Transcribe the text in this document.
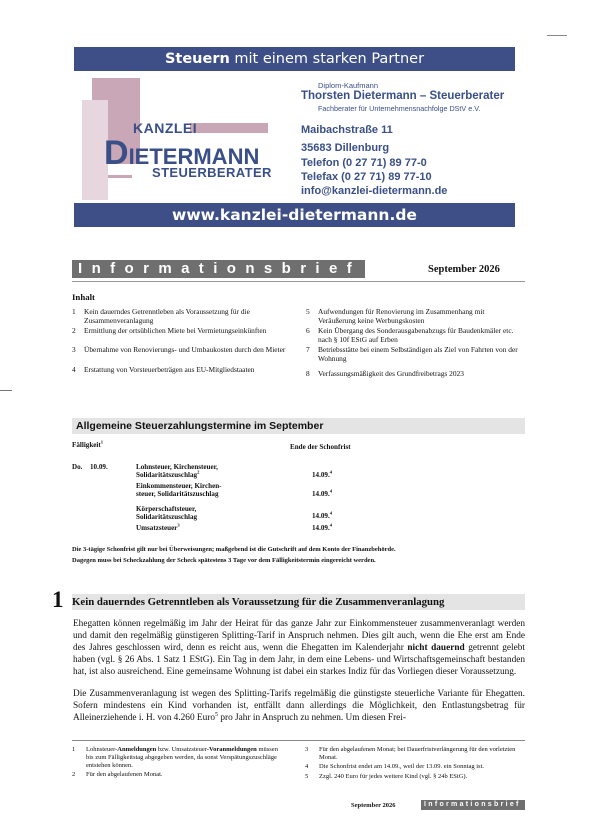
Steuern mit einem starken Partner
KANZLEI
DIETERMANN
STEUERBERATER
Diplom-Kaufmann
Thorsten Dietermann – Steuerberater
Fachberater für Unternehmensnachfolge DStV e.V.
Maibachstraße 11
35683 Dillenburg
Telefon (0 27 71) 89 77-0
Telefax (0 27 71) 89 77-10
info@kanzlei-dietermann.de
www.kanzlei-dietermann.de
Informationsbrief	September 2026
Inhalt
1	Kein dauerndes Getrenntleben als Voraussetzung für die Zusammenveranlagung
2	Ermittlung der ortsüblichen Miete bei Vermietungseinkünften
3	Übernahme von Renovierungs- und Umbaukosten durch den Mieter
4	Erstattung von Vorsteuerbeträgen aus EU-Mitgliedstaaten
5	Aufwendungen für Renovierung im Zusammenhang mit Veräußerung keine Werbungskosten
6	Kein Übergang des Sonderausgabenabzugs für Baudenkmäler etc. nach § 10f EStG auf Erben
7	Betriebsstätte bei einem Selbständigen als Ziel von Fahrten von der Wohnung
8	Verfassungsmäßigkeit des Grundfreibetrags 2023
Allgemeine Steuerzahlungstermine im September
Fälligkeit$^1$
Ende der Schonfrist
Do. 10.09.	Lohnsteuer, Kirchensteuer,
Solidaritätszuschlag$^2$	14.09.$^4$
Einkommensteuer, Kirchen-
steuer, Solidaritätszuschlag	14.09.$^4$
Körperschaftsteuer,
Solidaritätszuschlag	14.09.$^4$
Umsatzsteuer$^3$	14.09.$^4$
Die 3-tägige Schonfrist gilt nur bei Überweisungen; maßgebend ist die Gutschrift auf dem Konto der Finanzbehörde.
Dagegen muss bei Scheckzahlung der Scheck spätestens 3 Tage vor dem Fälligkeitstermin eingereicht werden.
1 Kein dauerndes Getrenntleben als Voraussetzung für die Zusammenveranlagung
Ehegatten können regelmäßig im Jahr der Heirat für das ganze Jahr zur Einkommensteuer zusammenveranlagt werden und damit den regelmäßig günstigeren Splitting-Tarif in Anspruch nehmen. Dies gilt auch, wenn die Ehe erst am Ende des Jahres geschlossen wird, denn es reicht aus, wenn die Ehegatten im Kalenderjahr nicht dauernd getrennt gelebt haben (vgl. § 26 Abs. 1 Satz 1 EStG). Ein Tag in dem Jahr, in dem eine Lebens- und Wirtschaftsgemeinschaft bestanden hat, ist also ausreichend. Eine gemeinsame Wohnung ist dabei ein starkes Indiz für das Vorliegen dieser Voraussetzung.
Die Zusammenveranlagung ist wegen des Splitting-Tarifs regelmäßig die günstigste steuerliche Variante für Ehegatten. Sofern mindestens ein Kind vorhanden ist, entfällt dann allerdings die Möglichkeit, den Entlastungsbetrag für Alleinerziehende i. H. von 4.260 Euro$^5$ pro Jahr in Anspruch zu nehmen. Um diesen Frei-
1	Lohnsteuer-Anmeldungen bzw. Umsatzsteuer-Voranmeldungen müssen bis zum Fälligkeitstag abgegeben werden, da sonst Verspätungszuschläge entstehen können.
2	Für den abgelaufenen Monat.
3	Für den abgelaufenen Monat; bei Dauerfristverlängerung für den vorletzten Monat.
4	Die Schonfrist endet am 14.09., weil der 13.09. ein Sonntag ist.
5	Zzgl. 240 Euro für jedes weitere Kind (vgl. § 24b EStG).
September 2026	Informationsbrief
